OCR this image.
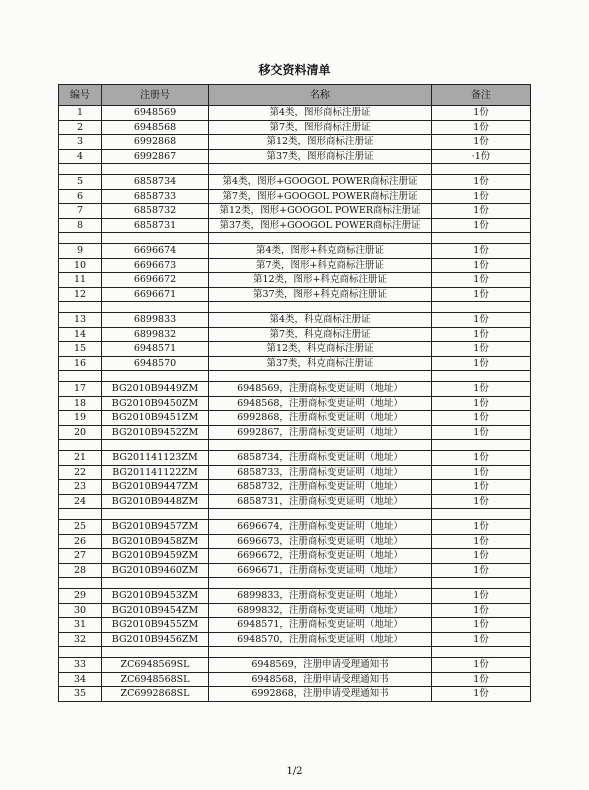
移交资料清单
编号	注册号	名称	备注
1	6948569	第4类，图形商标注册证	1份
2	6948568	第7类，图形商标注册证	1份
3	6992868	第12类，图形商标注册证	1份
4	6992867	第37类，图形商标注册证	·1份

5	6858734	第4类，图形+GOOGOL POWER商标注册证	1份
6	6858733	第7类，图形+GOOGOL POWER商标注册证	1份
7	6858732	第12类，图形+GOOGOL POWER商标注册证	1份
8	6858731	第37类，图形+GOOGOL POWER商标注册证	1份

9	6696674	第4类，图形+科克商标注册证	1份
10	6696673	第7类，图形+科克商标注册证	1份
11	6696672	第12类，图形+科克商标注册证	1份
12	6696671	第37类，图形+科克商标注册证	1份

13	6899833	第4类，科克商标注册证	1份
14	6899832	第7类，科克商标注册证	1份
15	6948571	第12类，科克商标注册证	1份
16	6948570	第37类，科克商标注册证	1份

17	BG2010B9449ZM	6948569，注册商标变更证明（地址）	1份
18	BG2010B9450ZM	6948568，注册商标变更证明（地址）	1份
19	BG2010B9451ZM	6992868，注册商标变更证明（地址）	1份
20	BG2010B9452ZM	6992867，注册商标变更证明（地址）	1份

21	BG201141123ZM	6858734，注册商标变更证明（地址）	1份
22	BG201141122ZM	6858733，注册商标变更证明（地址）	1份
23	BG2010B9447ZM	6858732，注册商标变更证明（地址）	1份
24	BG2010B9448ZM	6858731，注册商标变更证明（地址）	1份

25	BG2010B9457ZM	6696674，注册商标变更证明（地址）	1份
26	BG2010B9458ZM	6696673，注册商标变更证明（地址）	1份
27	BG2010B9459ZM	6696672，注册商标变更证明（地址）	1份
28	BG2010B9460ZM	6696671，注册商标变更证明（地址）	1份

29	BG2010B9453ZM	6899833，注册商标变更证明（地址）	1份
30	BG2010B9454ZM	6899832，注册商标变更证明（地址）	1份
31	BG2010B9455ZM	6948571，注册商标变更证明（地址）	1份
32	BG2010B9456ZM	6948570，注册商标变更证明（地址）	1份

33	ZC6948569SL	6948569，注册申请受理通知书	1份
34	ZC6948568SL	6948568，注册申请受理通知书	1份
35	ZC6992868SL	6992868，注册申请受理通知书	1份
1/2
